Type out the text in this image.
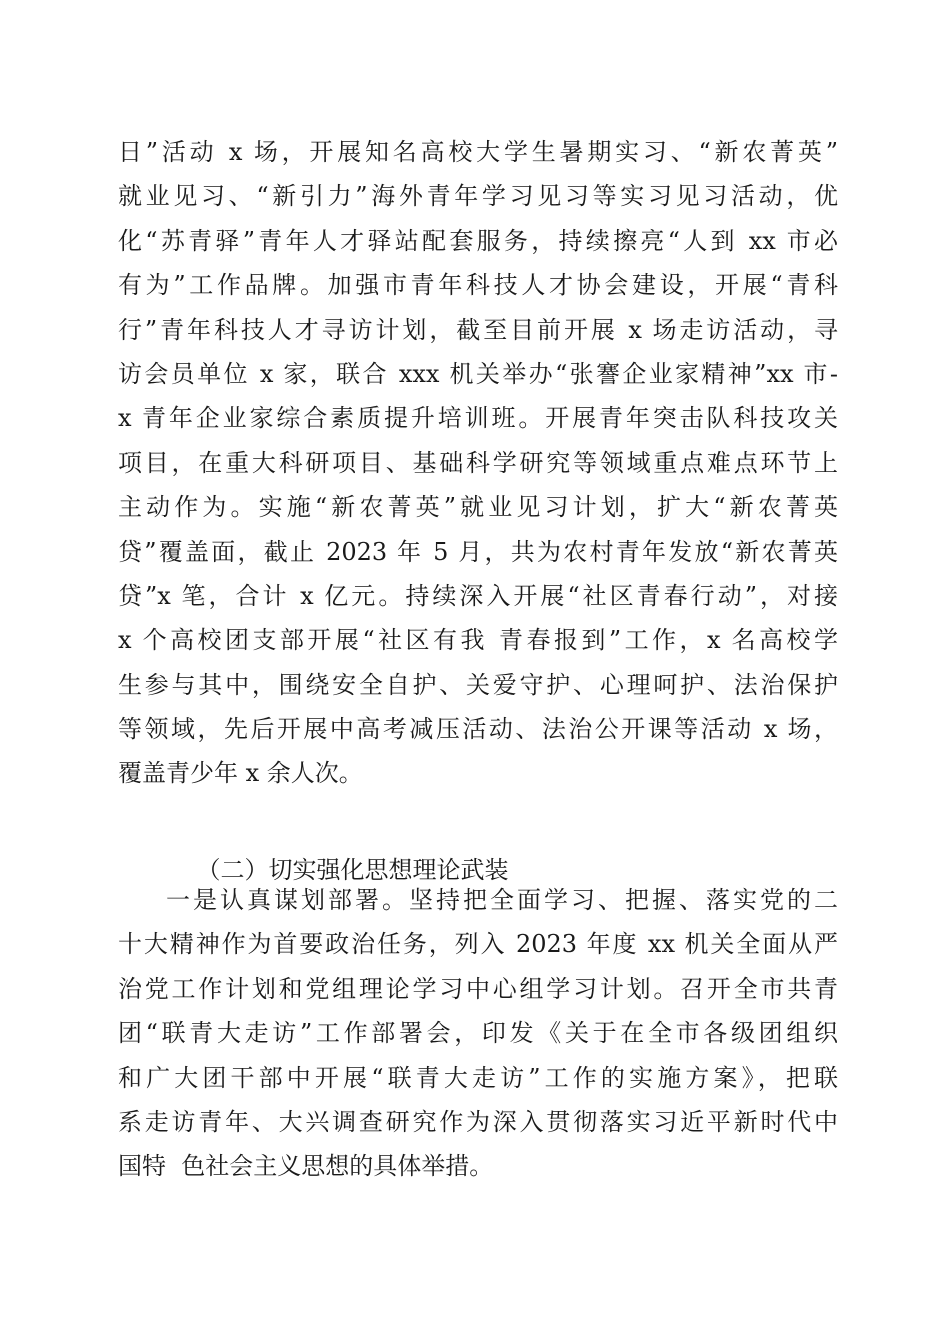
日”活动 x 场，开展知名高校大学生暑期实习、“新农菁英”
就业见习、“新引力”海外青年学习见习等实习见习活动，优
化“苏青驿”青年人才驿站配套服务，持续擦亮“人到 xx 市必
有为”工作品牌。加强市青年科技人才协会建设，开展“青科
行”青年科技人才寻访计划，截至目前开展 x 场走访活动，寻
访会员单位 x 家，联合 xxx 机关举办“张謇企业家精神”xx 市-
x 青年企业家综合素质提升培训班。开展青年突击队科技攻关
项目，在重大科研项目、基础科学研究等领域重点难点环节上
主动作为。实施“新农菁英”就业见习计划，扩大“新农菁英
贷”覆盖面，截止 2023 年 5 月，共为农村青年发放“新农菁英
贷”x 笔，合计 x 亿元。持续深入开展“社区青春行动”，对接
x 个高校团支部开展“社区有我 青春报到”工作，x 名高校学
生参与其中，围绕安全自护、关爱守护、心理呵护、法治保护
等领域，先后开展中高考减压活动、法治公开课等活动 x 场，
覆盖青少年 x 余人次。

（二）切实强化思想理论武装

一是认真谋划部署。坚持把全面学习、把握、落实党的二
十大精神作为首要政治任务，列入 2023 年度 xx 机关全面从严
治党工作计划和党组理论学习中心组学习计划。召开全市共青
团“联青大走访”工作部署会，印发《关于在全市各级团组织
和广大团干部中开展“联青大走访”工作的实施方案》，把联
系走访青年、大兴调查研究作为深入贯彻落实习近平新时代中
国特  色社会主义思想的具体举措。
